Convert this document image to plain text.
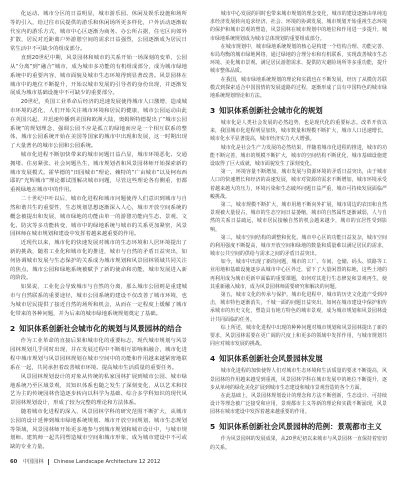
化运动、城市分区的日益明显，城市游乐园、休闲及娱乐设施和场所等的引入，给过往市民提供的游乐和休闲场所更多样化，户外活动逐渐取代室内的游乐方式，城市中心区逐渐为商务、办公所占据，住宅区向郊外扩散，居民对近距离户外游憩空间的需求日益强烈，公园逐渐成为居民日常生活中不可缺少的组成部分。

直到20世纪中期，风景园林和城市的关系开始一场深刻的变革，公园从“分离”到“融合”城市，成为城市多功能的有机组成部分，成为城市绿地系统中的重要内容，城市面貌及城市生态环境得到显著改善。风景园林在城市中的地位不断提升，开始以城市发展的引导者的身份出现，并逐渐发展成为城市基础设施中不可缺少的重要部分。

20世纪，英国工业革命后经济的迅速发展使得城市人口激增，造成城市环境的恶化，人们开始关注城市环境和居民的健康，城市公园运动由此在英国兴起，并迅速传播到美国和欧洲大陆，奥姆斯特德提出了“城市公园系统”的规划理念，强调公园不应是孤立的绿地而应是一个相互联系的整体，城市公园系统开始在美国等国家的城市中出现和发展，这一时期出现了大量著名的城市公园和公园系统。

城市化进程不断加快带来的城市问题日益凸显，城市环境恶化、交通拥堵、住房紧张、社会问题丛生，城市规划者和风景园林师开始探索新的城市发展模式。霍华德的“田园城市”理论、赖特的“广亩城市”以及柯布西耶的“光辉城市”理论都试图解决城市问题，尽管这些理论各有侧重，但都重视绿地在城市中的作用。

二十世纪中叶以后，城市化进程和城市问题使得人们意识到城市与自然和谐共生的重要性，生态规划思想逐渐深入人心，城市开放空间系统的概念被提出和发展，城市绿地的功能由单一的游憩功能向生态、景观、文化、防灾等多功能转变，城市中的绿地系统与城市的关系更加紧密，风景园林师在城市规划和建设中发挥着越来越重要的作用。

近现代以来，城市化的快速发展对城市的生态环境和人居环境提出了新的挑战，随着工业化和城市化的推进，城市与自然的矛盾日益突出，如何协调城市发展与生态保护的关系成为城市规划和风景园林领域共同关注的焦点，城市公园和绿地系统被赋予了新的使命和功能，城市发展进入新的阶段。

如果说，工业化会导致城市与自然的分离，那么城市公园则是重建城市与自然联系的重要途径，城市公园系统的建设不仅改善了城市环境，也为城市居民提供了接近自然的场所和机会，从而在一定程度上缓解了城市化带来的各种问题，并为后来的城市绿地系统规划奠定了基础。

2 知识体系创新社会城市化的规划与风景园林的结合

作为工业革命的直接后果和城市化的重要标志，现代城市规划与风景园林规划几乎同时出现，并在发展过程中不断相互影响和融合，城市化进程中城市规划与风景园林规划在城市空间中的功能和作用越来越紧密地联系在一起，共同承担着改善城市环境、提高城市生活质量的重要任务。

风景园林规划设计的对象从传统的私家园林扩展到城市公园、城市绿地系统乃至区域景观，其知识体系也随之发生了深刻变化，从以艺术和技艺为主的传统园林营造逐步转向以科学为基础、综合多学科知识的现代风景园林规划设计，形成了较为完整的理论和方法体系。

随着城市化进程的深入，风景园林学科的研究范围不断扩大，从城市公园的设计延伸到城市绿地系统规划、城市开放空间规划、城市生态规划等领域，风景园林师开始更多地参与到城市规划和城市设计中，与城市规划师、建筑师一起共同塑造城市空间和城市形象，成为城市建设中不可或缺的专业力量。

城市中心发展的同时也带来城市规划的理念变化，城市的建设逐渐由单纯追求经济发展转向追求经济、社会、环境的协调发展，城市规划开始重视生态环境的保护和城市景观的塑造，风景园林在城市规划中的地位和作用进一步提升，城市绿地系统规划成为城市总体规划的重要组成部分。

在城市规划中，城市绿地系统规划的核心是构建一个结构合理、功能完善、布局均衡的城市绿地网络，通过绿地的合理分布和有机联系，实现改善城市生态环境、美化城市景观、满足居民游憩需求、提供防灾避险场所等多重功能，提升城市整体品质。

在我国，城市绿地系统规划的理论和实践也在不断发展，经历了从模仿苏联模式到探索适合中国国情的发展道路的过程，逐渐形成了具有中国特色的城市绿地系统规划理论和方法。

3 知识体系创新社会城市化的规划

城市化是人类社会发展的必然趋势，也是现代化的重要标志。改革开放以来，我国城市化进程明显加快，城市数量和规模不断扩大，城市人口迅速增长，城市化水平显著提高，城市经济实力大大增强。

城市化是社会生产力发展的必然结果，伴随着城市化进程的推进，城市的功能不断完善，城市的规模不断扩大，城市的空间结构不断优化，城市基础设施建设取得了巨大成就，城市面貌发生了深刻变化。

第一，环境容量不断增加，城市发展与资源环境的矛盾日益突出，由于城市人口的快速增长和经济的高速发展，城市对资源的需求不断增加，城市环境承受着越来越大的压力，环境污染和生态破坏问题日益严重，城市可持续发展面临严峻挑战。

第二，城市规模不断扩大，城市用地不断向外扩展，城市周边的农田和自然景观被大量侵占，城市的生态空间日益萎缩，城市的自然属性逐渐减弱，人与自然的关系日益疏远，城市居民接触自然的机会越来越少，城市的宜居性受到影响。

第三，城市空间结构的调整和优化。城市中心区的功能日益复杂，城市空间的利用强度不断提高，城市开放空间和绿地的数量和质量难以满足居民的需求，城市公共空间的供给与需求之间的矛盾日益突出。

如今，城市中出现了新的问题，城市的工厂、车间、仓储、码头、铁路等工业用地和基础设施逐步从城市中心区外迁，留下了大量闲置的棕地，这些土地的再利用成为城市更新中面临的重要课题，如何对其进行生态修复和景观再生，使其重新融入城市，成为风景园林师需要研究和解决的问题。

第五，城市文化的传承与保护。城市化进程中，城市的历史文化遗产受到冲击，城市特色逐渐消失，千城一面的问题日益突出，如何在城市建设中保护和传承城市的历史文化，塑造具有地方特色的城市景观，成为城市规划和风景园林设计共同面临的任务。

综上所述，城市化进程中出现的种种问题对城市规划和风景园林提出了新的要求，风景园林需要在更广阔的尺度上和更多的领域中发挥作用，与城市规划共同应对城市发展的挑战。

4 知识体系创新社会风景园林发展

城市化进程的加快使得人们对城市生态环境和生活质量的要求不断提高，风景园林的作用越来越受到重视，风景园林学科在城市发展中的地位不断提升，逐步从单纯的绿化美化扩展到城市生态建设和城市景观营造的各个方面。

在此基础上，风景园林规划设计的理念和方法不断创新，生态设计、可持续设计等理念被广泛接受和应用，景观都市主义等新的理论和实践不断涌现，风景园林在城市建设中发挥着越来越重要的作用。

5 知识体系创新社会风景园林的范例：景观都市主义

作为风景园林的发展成果，从20世纪初以来城市与风景园林一直保持着密切的关系。

60 中国园林 Chinese Landscape Architecture 12 2012
